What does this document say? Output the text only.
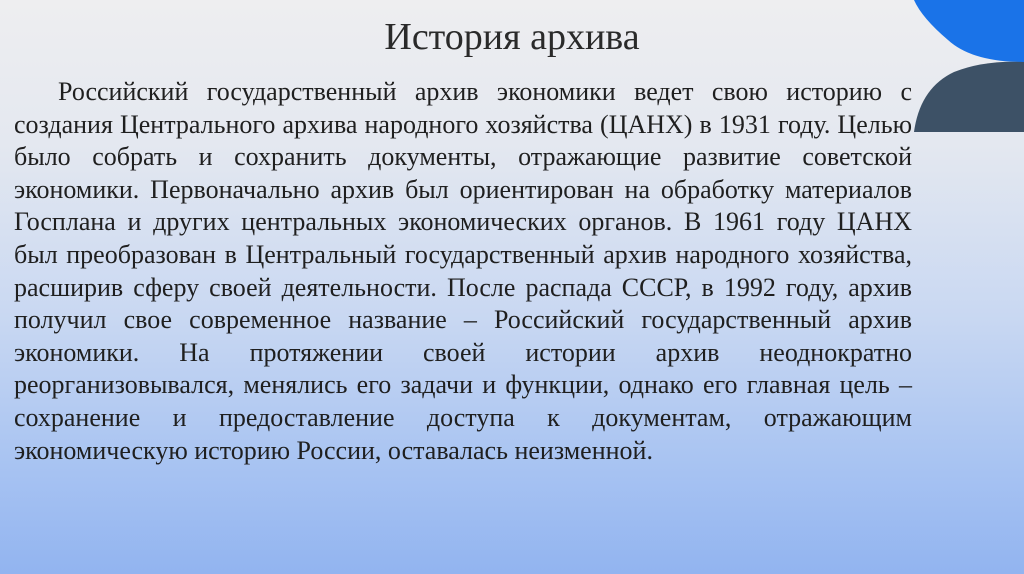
История архива

Российский государственный архив экономики ведет свою историю с создания Центрального архива народного хозяйства (ЦАНХ) в 1931 году. Целью было собрать и сохранить документы, отражающие развитие советской экономики. Первоначально архив был ориентирован на обработку материалов Госплана и других центральных экономических органов. В 1961 году ЦАНХ был преобразован в Центральный государственный архив народного хозяйства, расширив сферу своей деятельности. После распада СССР, в 1992 году, архив получил свое современное название – Российский государственный архив экономики. На протяжении своей истории архив неоднократно реорганизовывался, менялись его задачи и функции, однако его главная цель – сохранение и предоставление доступа к документам, отражающим экономическую историю России, оставалась неизменной.
